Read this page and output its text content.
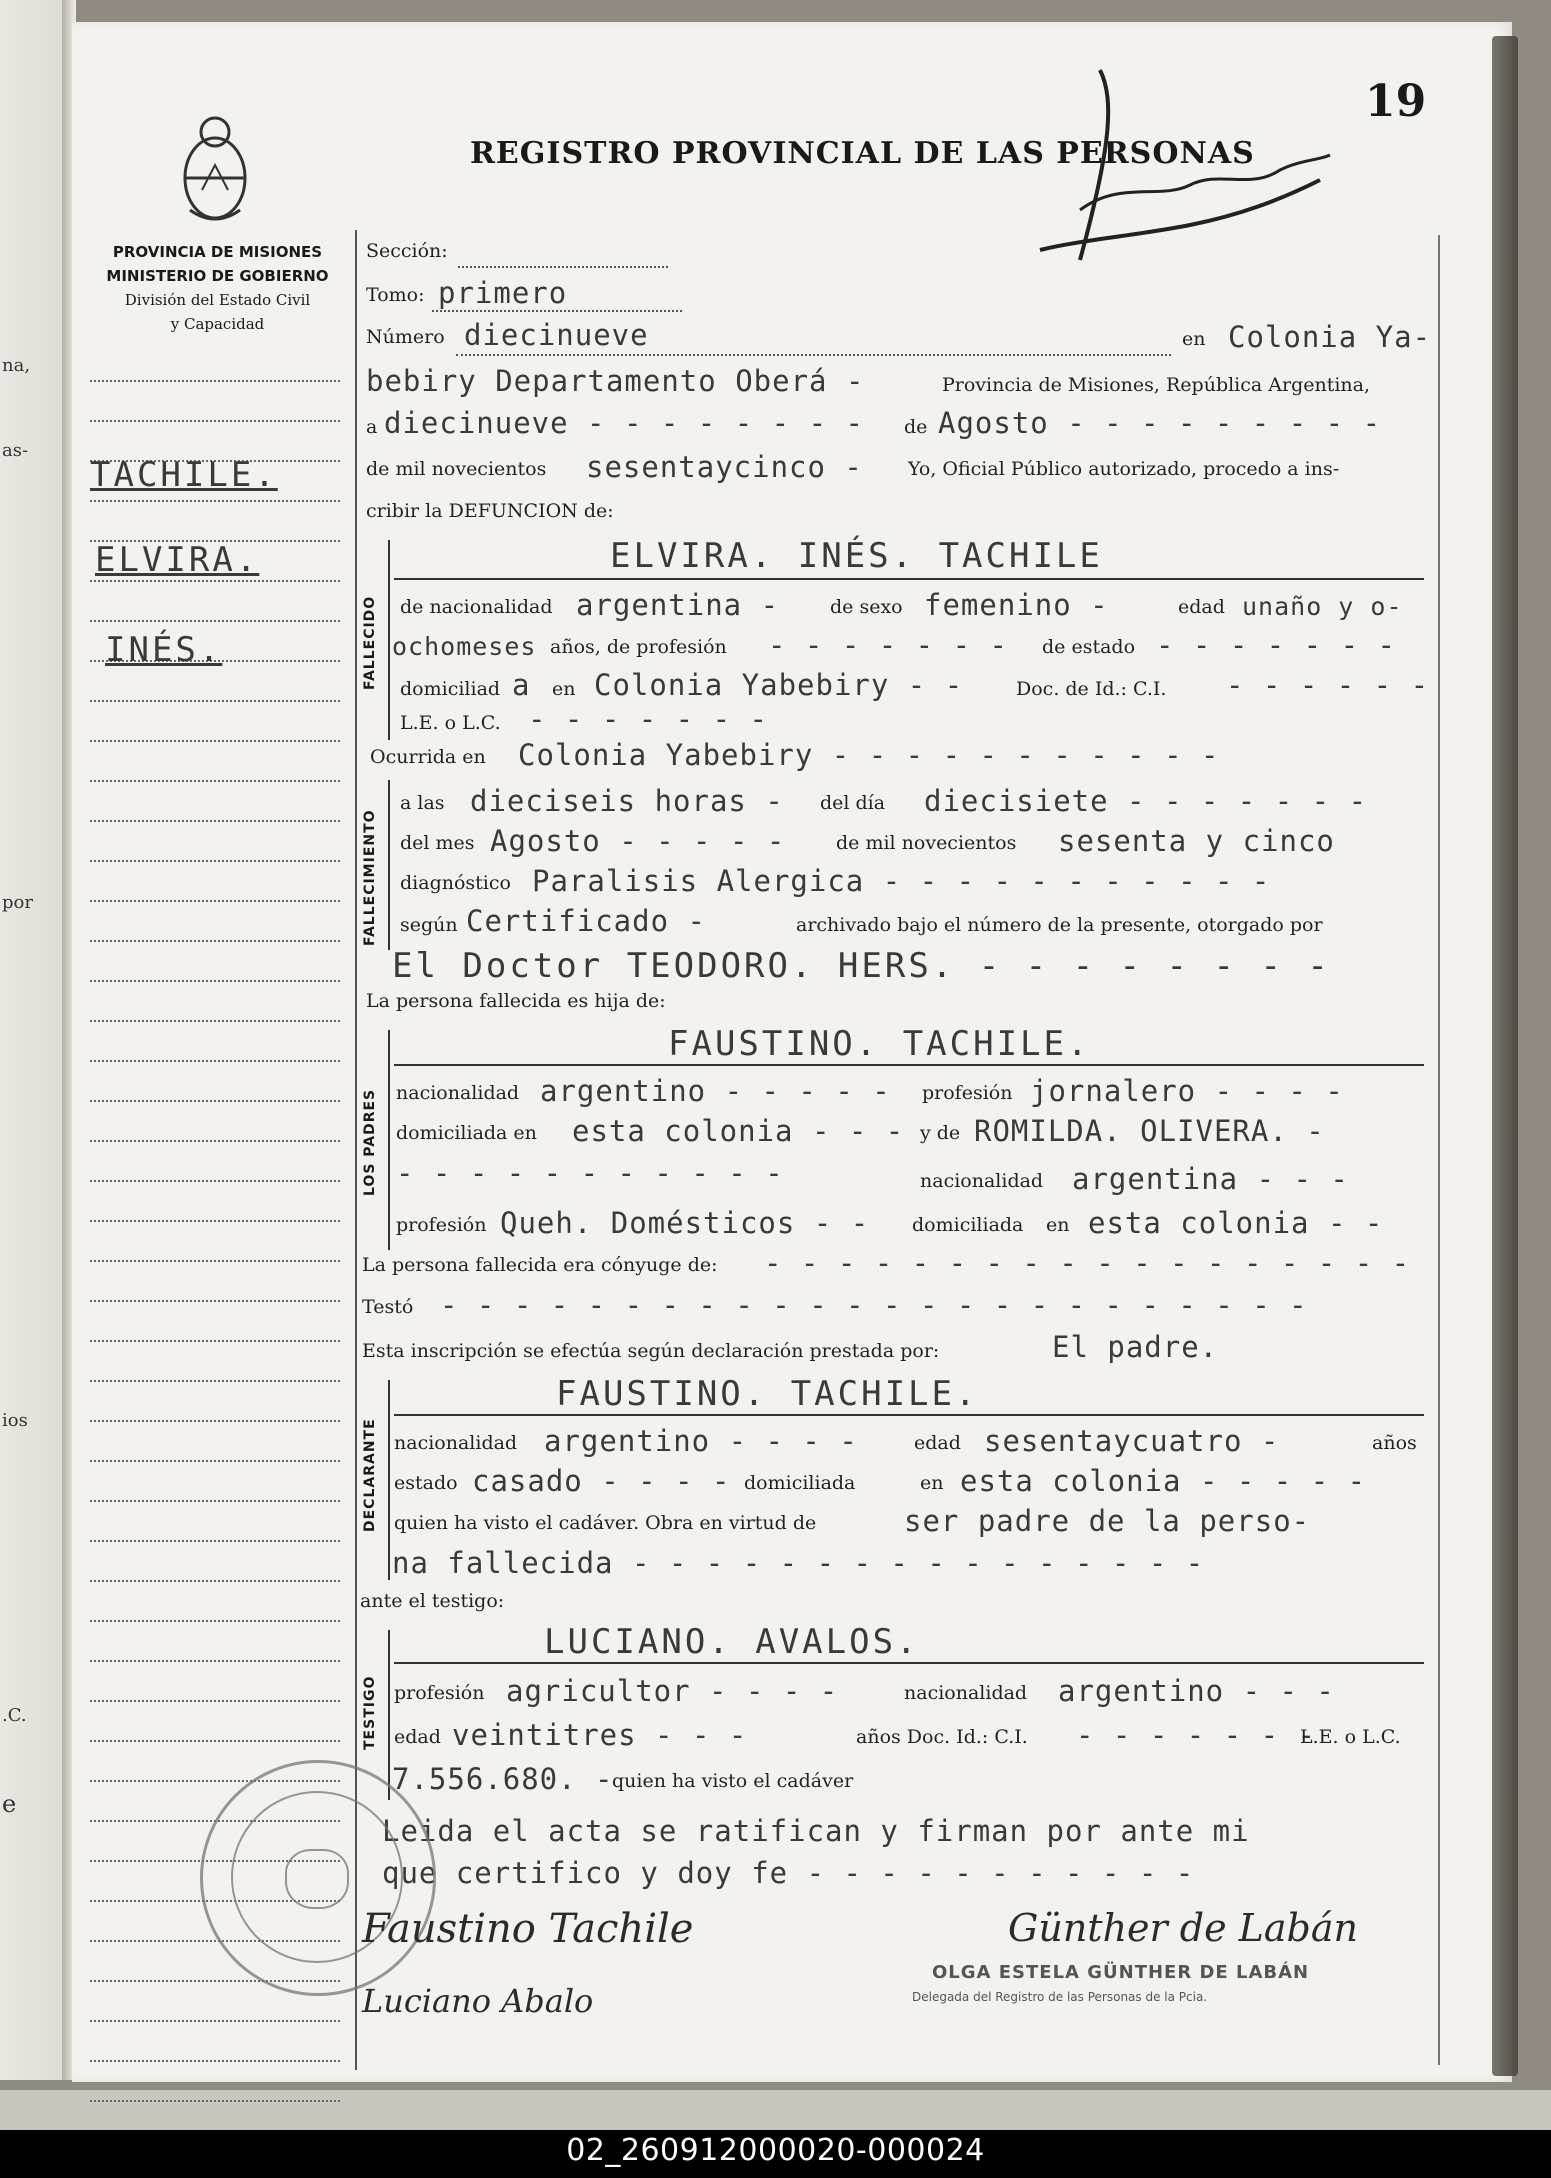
na,
as-
por
ios
.C.
e
19
REGISTRO PROVINCIAL DE LAS PERSONAS
PROVINCIA DE MISIONES
MINISTERIO DE GOBIERNO
División del Estado Civil
y Capacidad
TACHILE.
ELVIRA.
INÉS.
Sección:
Tomo: primero
Número diecinueve	en Colonia Ya-
bebiry Departamento Oberá -	Provincia de Misiones, República Argentina,
a diecinueve - - - - - - - - de Agosto - - - - - - - - -
de mil novecientos sesentaycinco - Yo, Oficial Público autorizado, procedo a ins-
cribir la DEFUNCION de:
FALLECIDO
ELVIRA. INÉS. TACHILE
de nacionalidad argentina -	de sexo femenino -	edad unaño y o-
ochomeses años, de profesión - - - - - - - de estado - - - - - - -
domiciliad a en Colonia Yabebiry - -	Doc. de Id.: C.I. - - - - - -
L.E. o L.C. - - - - - - -
Ocurrida en Colonia Yabebiry - - - - - - - - - - -
FALLECIMIENTO
a las dieciseis horas - del día diecisiete - - - - - - -
del mes Agosto - - - - -	de mil novecientos sesenta y cinco
diagnóstico Paralisis Alergica - - - - - - - - - - -
según Certificado -	archivado bajo el número de la presente, otorgado por
El Doctor TEODORO. HERS. - - - - - - - -
La persona fallecida es hija de:
LOS PADRES
FAUSTINO. TACHILE.
nacionalidad argentino - - - - - profesión jornalero - - - -
domiciliada en esta colonia - - - y de ROMILDA. OLIVERA. -
- - - - - - - - - - -	nacionalidad argentina - - -
profesión Queh. Domésticos - - domiciliada en esta colonia - -
La persona fallecida era cónyuge de: - - - - - - - - - - - - - - - - - -
Testó - - - - - - - - - - - - - - - - - - - - - - - -
Esta inscripción se efectúa según declaración prestada por:	El padre.
DECLARANTE
FAUSTINO. TACHILE.
nacionalidad argentino - - - -	edad sesentaycuatro -	años
estado casado - - - - domiciliada	en esta colonia - - - - -
quien ha visto el cadáver. Obra en virtud de	ser padre de la perso-
na fallecida - - - - - - - - - - - - - - - -
ante el testigo:
TESTIGO
LUCIANO. AVALOS.
profesión agricultor - - - -	nacionalidad argentino - - -
edad veintitres - - -	años Doc. Id.: C.I. - - - - - - -
L.E. o L.C.
7.556.680. -
quien ha visto el cadáver
Leida el acta se ratifican y firman por ante mi
que certifico y doy fe - - - - - - - - - - -
Faustino Tachile
Luciano Abalo
Günther de Labán
OLGA ESTELA GÜNTHER DE LABÁN
Delegada del Registro de las Personas de la Pcia.
02_260912000020-000024
